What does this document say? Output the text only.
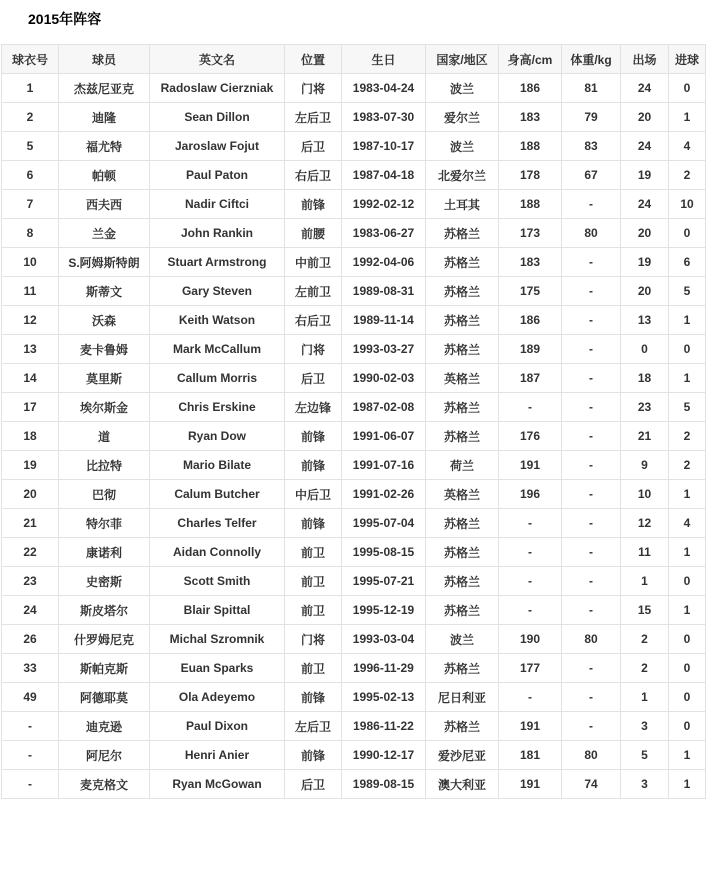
2015年阵容
球衣号	球员	英文名	位置	生日	国家/地区	身高/cm	体重/kg	出场	进球
1	杰兹尼亚克	Radoslaw Cierzniak	门将	1983-04-24	波兰	186	81	24	0
2	迪隆	Sean Dillon	左后卫	1983-07-30	爱尔兰	183	79	20	1
5	福尤特	Jaroslaw Fojut	后卫	1987-10-17	波兰	188	83	24	4
6	帕顿	Paul Paton	右后卫	1987-04-18	北爱尔兰	178	67	19	2
7	西夫西	Nadir Ciftci	前锋	1992-02-12	土耳其	188	-	24	10
8	兰金	John Rankin	前腰	1983-06-27	苏格兰	173	80	20	0
10	S.阿姆斯特朗	Stuart Armstrong	中前卫	1992-04-06	苏格兰	183	-	19	6
11	斯蒂文	Gary Steven	左前卫	1989-08-31	苏格兰	175	-	20	5
12	沃森	Keith Watson	右后卫	1989-11-14	苏格兰	186	-	13	1
13	麦卡鲁姆	Mark McCallum	门将	1993-03-27	苏格兰	189	-	0	0
14	莫里斯	Callum Morris	后卫	1990-02-03	英格兰	187	-	18	1
17	埃尔斯金	Chris Erskine	左边锋	1987-02-08	苏格兰	-	-	23	5
18	道	Ryan Dow	前锋	1991-06-07	苏格兰	176	-	21	2
19	比拉特	Mario Bilate	前锋	1991-07-16	荷兰	191	-	9	2
20	巴彻	Calum Butcher	中后卫	1991-02-26	英格兰	196	-	10	1
21	特尔菲	Charles Telfer	前锋	1995-07-04	苏格兰	-	-	12	4
22	康诺利	Aidan Connolly	前卫	1995-08-15	苏格兰	-	-	11	1
23	史密斯	Scott Smith	前卫	1995-07-21	苏格兰	-	-	1	0
24	斯皮塔尔	Blair Spittal	前卫	1995-12-19	苏格兰	-	-	15	1
26	什罗姆尼克	Michal Szromnik	门将	1993-03-04	波兰	190	80	2	0
33	斯帕克斯	Euan Sparks	前卫	1996-11-29	苏格兰	177	-	2	0
49	阿德耶莫	Ola Adeyemo	前锋	1995-02-13	尼日利亚	-	-	1	0
-	迪克逊	Paul Dixon	左后卫	1986-11-22	苏格兰	191	-	3	0
-	阿尼尔	Henri Anier	前锋	1990-12-17	爱沙尼亚	181	80	5	1
-	麦克格文	Ryan McGowan	后卫	1989-08-15	澳大利亚	191	74	3	1
